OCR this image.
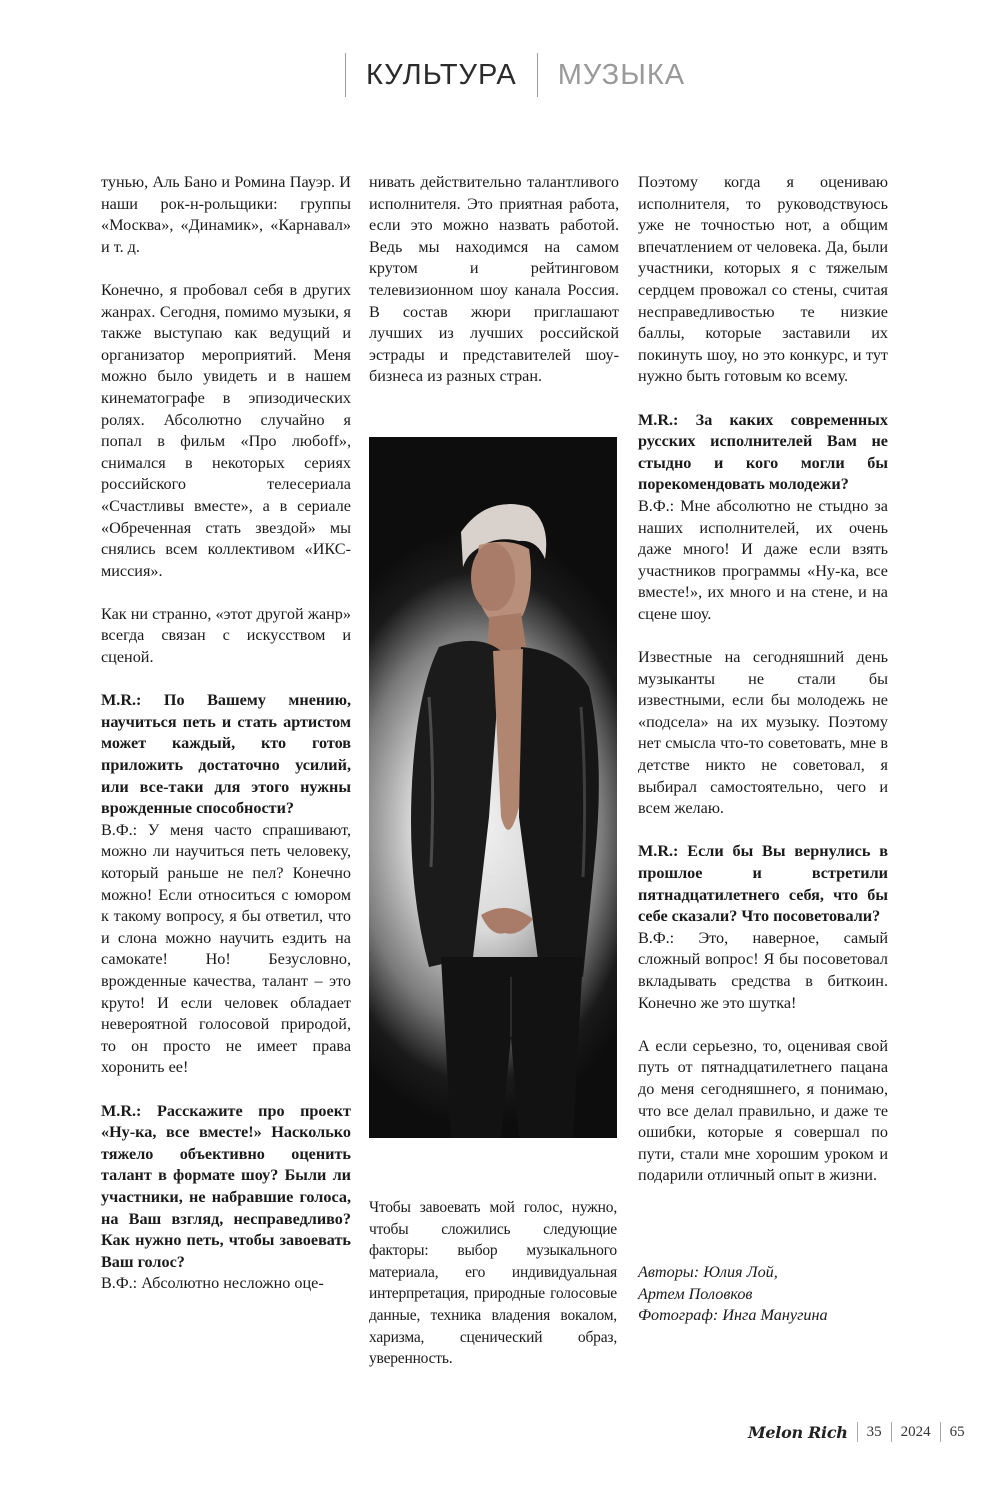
КУЛЬТУРА	МУЗЫКА

тунью, Аль Бано и Ромина Пауэр. И наши рок-н-рольщики: группы «Москва», «Динамик», «Карнавал» и т. д.

Конечно, я пробовал себя в других жанрах. Сегодня, помимо музыки, я также выступаю как ведущий и организатор мероприятий. Меня можно было увидеть и в нашем кинематографе в эпизодических ролях. Абсолютно случайно я попал в фильм «Про любоff», снимался в некоторых сериях российского телесериала «Счастливы вместе», а в сериале «Обреченная стать звездой» мы снялись всем коллективом «ИКС-миссия».

Как ни странно, «этот другой жанр» всегда связан с искусством и сценой.

M.R.: По Вашему мнению, научиться петь и стать артистом может каждый, кто готов приложить достаточно усилий, или все-таки для этого нужны врожденные способности?

В.Ф.: У меня часто спрашивают, можно ли научиться петь человеку, который раньше не пел? Конечно можно! Если относиться с юмором к такому вопросу, я бы ответил, что и слона можно научить ездить на самокате! Но! Безусловно, врожденные качества, талант – это круто! И если человек обладает невероятной голосовой природой, то он просто не имеет права хоронить ее!

M.R.: Расскажите про проект «Ну-ка, все вместе!» Насколько тяжело объективно оценить талант в формате шоу? Были ли участники, не набравшие голоса, на Ваш взгляд, несправедливо? Как нужно петь, чтобы завоевать Ваш голос?

В.Ф.: Абсолютно несложно оце-

нивать действительно талантливого исполнителя. Это приятная работа, если это можно назвать работой. Ведь мы находимся на самом крутом и рейтинговом телевизионном шоу канала Россия. В состав жюри приглашают лучших из лучших российской эстрады и представителей шоу-бизнеса из разных стран.

Чтобы завоевать мой голос, нужно, чтобы сложились следующие факторы: выбор музыкального материала, его индивидуальная интерпретация, природные голосовые данные, техника владения вокалом, харизма, сценический образ, уверенность.

Поэтому когда я оцениваю исполнителя, то руководствуюсь уже не точностью нот, а общим впечатлением от человека. Да, были участники, которых я с тяжелым сердцем провожал со стены, считая несправедливостью те низкие баллы, которые заставили их покинуть шоу, но это конкурс, и тут нужно быть готовым ко всему.

M.R.: За каких современных русских исполнителей Вам не стыдно и кого могли бы порекомендовать молодежи?

В.Ф.: Мне абсолютно не стыдно за наших исполнителей, их очень даже много! И даже если взять участников программы «Ну-ка, все вместе!», их много и на стене, и на сцене шоу.

Известные на сегодняшний день музыканты не стали бы известными, если бы молодежь не «подсела» на их музыку. Поэтому нет смысла что-то советовать, мне в детстве никто не советовал, я выбирал самостоятельно, чего и всем желаю.

M.R.: Если бы Вы вернулись в прошлое и встретили пятнадцатилетнего себя, что бы себе сказали? Что посоветовали?

В.Ф.: Это, наверное, самый сложный вопрос! Я бы посоветовал вкладывать средства в биткоин. Конечно же это шутка!

А если серьезно, то, оценивая свой путь от пятнадцатилетнего пацана до меня сегодняшнего, я понимаю, что все делал правильно, и даже те ошибки, которые я совершал по пути, стали мне хорошим уроком и подарили отличный опыт в жизни.

Авторы: Юлия Лой,
Артем Половков
Фотограф: Инга Манугина
Melon Rich 35 2024 65
